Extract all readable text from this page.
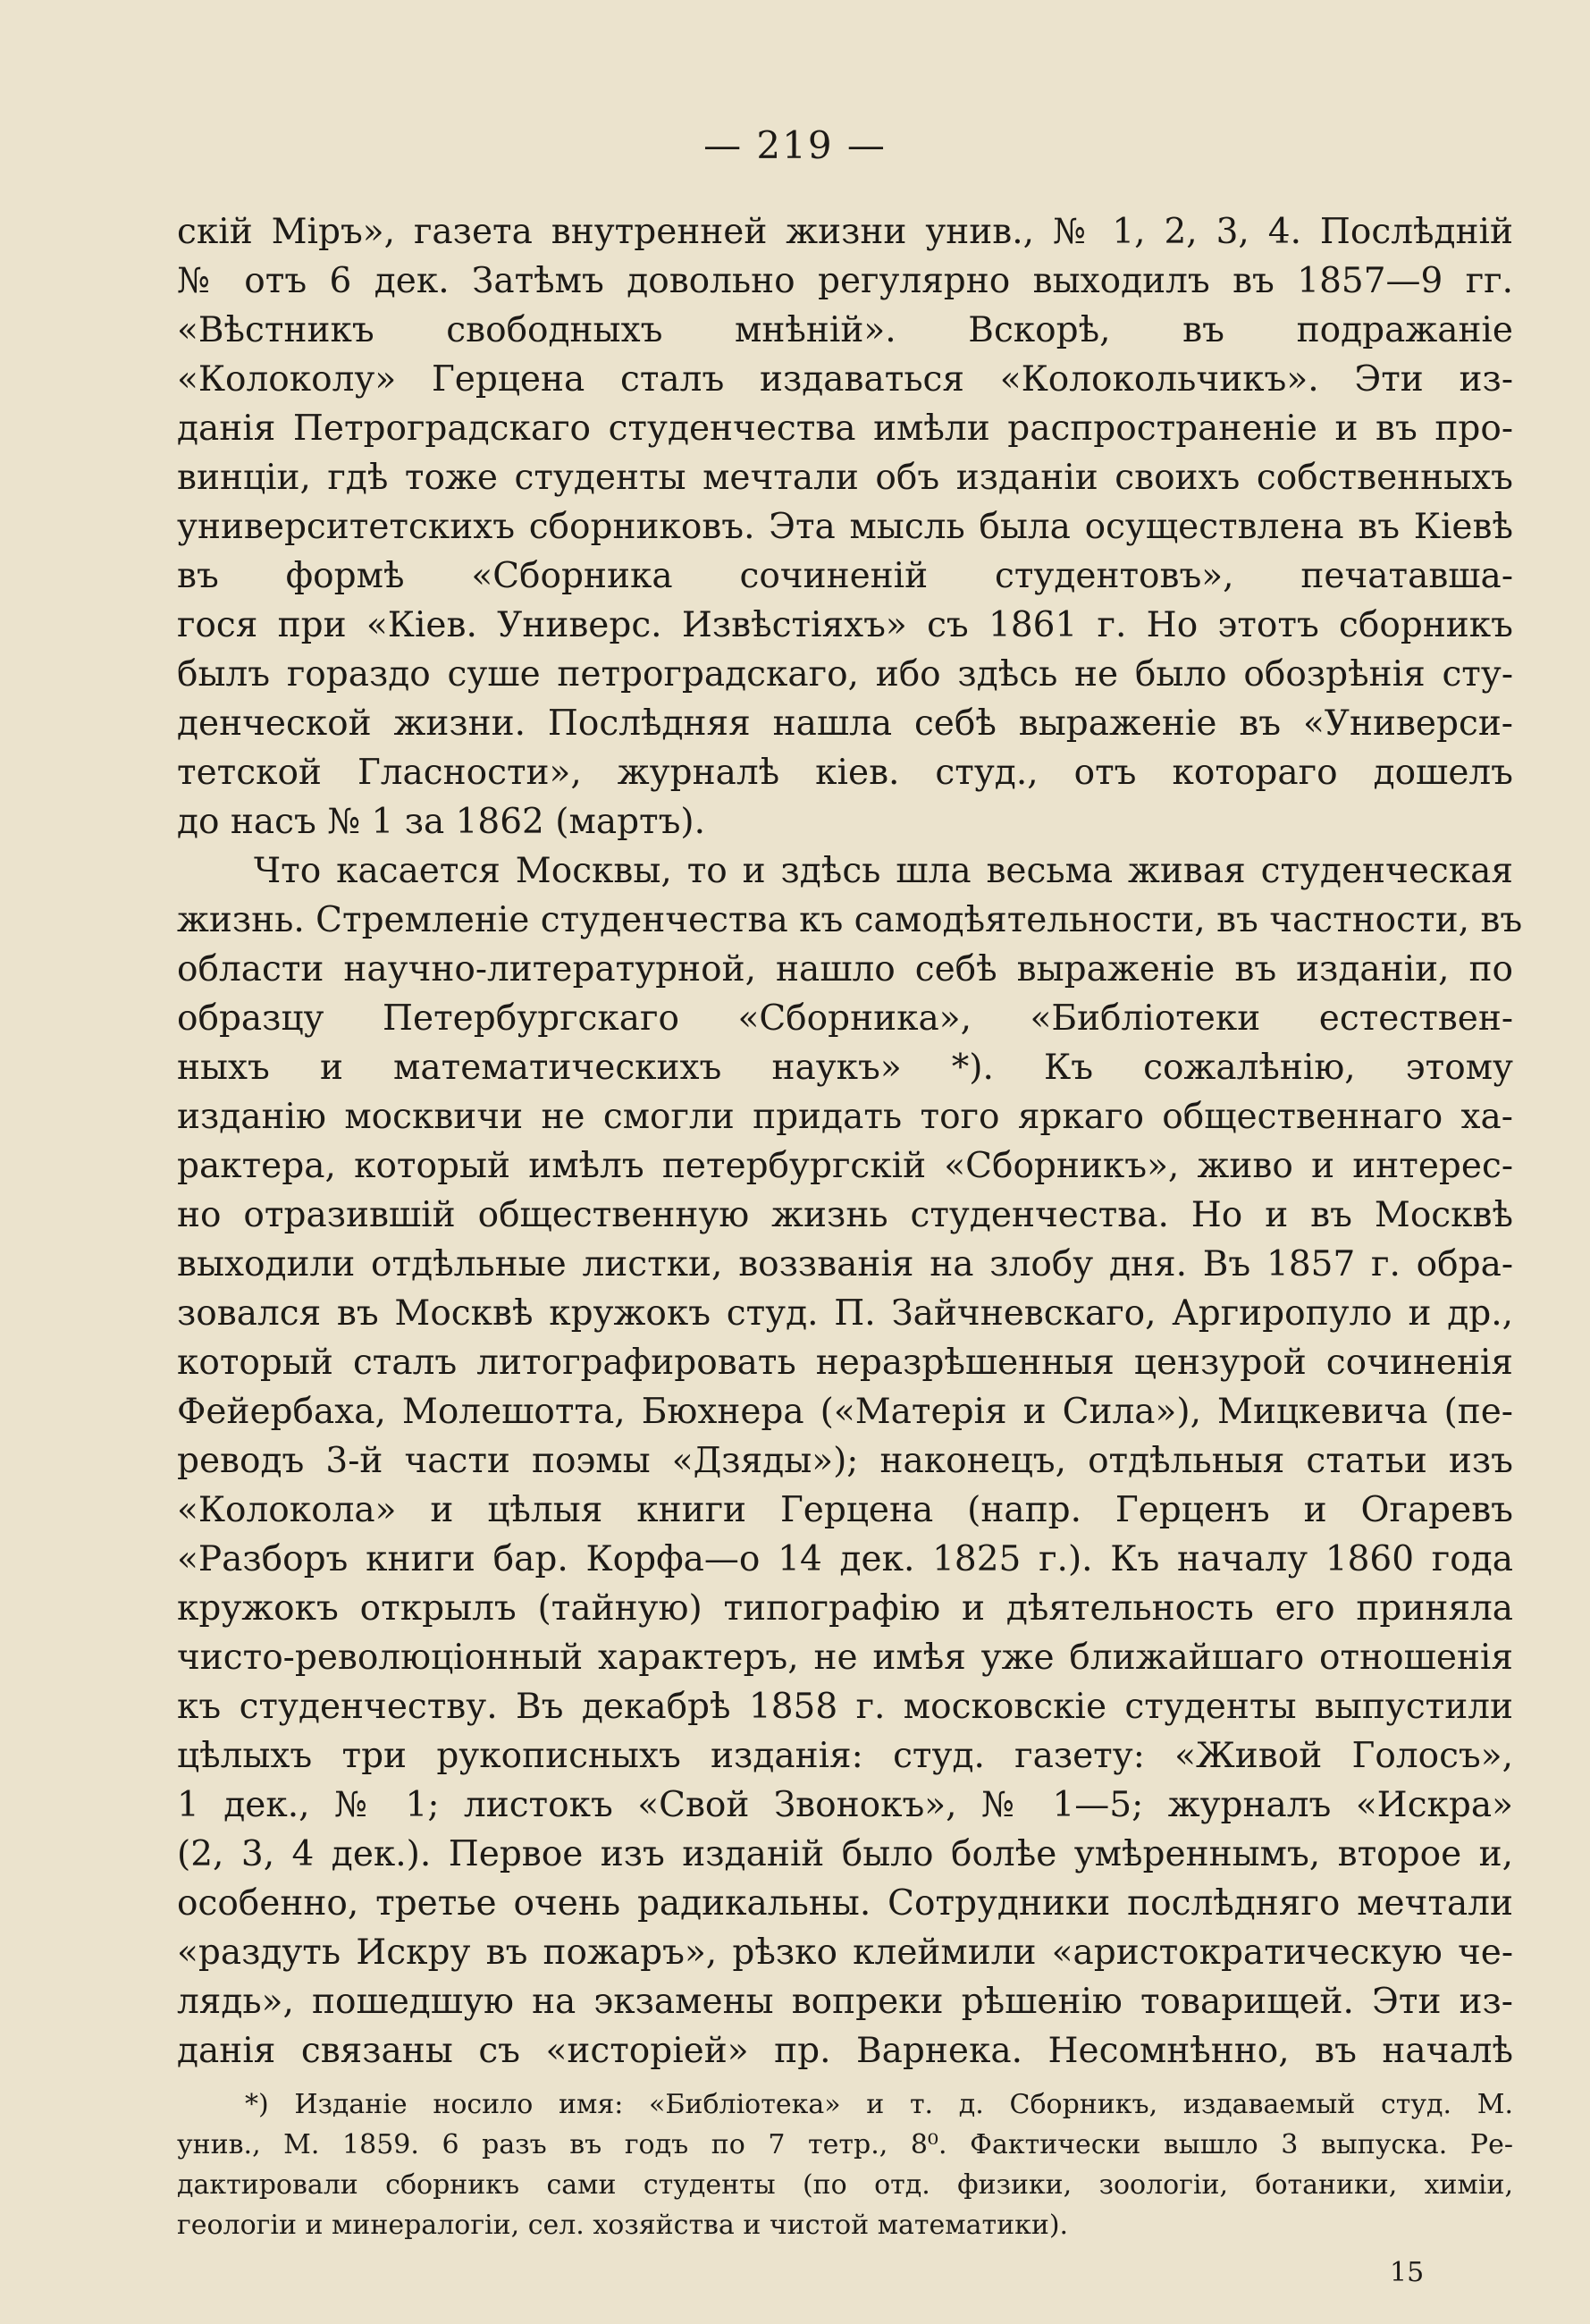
— 219 —
скій Міръ», газета внутренней жизни унив., № 1, 2, 3, 4. Послѣдній
№ отъ 6 дек. Затѣмъ довольно регулярно выходилъ въ 1857—9 гг.
«Вѣстникъ свободныхъ мнѣній». Вскорѣ, въ подражаніе
«Колоколу» Герцена сталъ издаваться «Колокольчикъ». Эти из-
данія Петроградскаго студенчества имѣли распространеніе и въ про-
винціи, гдѣ тоже студенты мечтали объ изданіи своихъ собственныхъ
университетскихъ сборниковъ. Эта мысль была осуществлена въ Кіевѣ
въ формѣ «Сборника сочиненій студентовъ», печатавша-
гося при «Кіев. Универс. Извѣстіяхъ» съ 1861 г. Но этотъ сборникъ
былъ гораздо суше петроградскаго, ибо здѣсь не было обозрѣнія сту-
денческой жизни. Послѣдняя нашла себѣ выраженіе въ «Универси-
тетской Гласности», журналѣ кіев. студ., отъ котораго дошелъ
до насъ № 1 за 1862 (мартъ).
Что касается Москвы, то и здѣсь шла весьма живая студенческая
жизнь. Стремленіе студенчества къ самодѣятельности, въ частности, въ
области научно-литературной, нашло себѣ выраженіе въ изданіи, по
образцу Петербургскаго «Сборника», «Библіотеки естествен-
ныхъ и математическихъ наукъ» *). Къ сожалѣнію, этому
изданію москвичи не смогли придать того яркаго общественнаго ха-
рактера, который имѣлъ петербургскій «Сборникъ», живо и интерес-
но отразившій общественную жизнь студенчества. Но и въ Москвѣ
выходили отдѣльные листки, воззванія на злобу дня. Въ 1857 г. обра-
зовался въ Москвѣ кружокъ студ. П. Зайчневскаго, Аргиропуло и др.,
который сталъ литографировать неразрѣшенныя цензурой сочиненія
Фейербаха, Молешотта, Бюхнера («Матерія и Сила»), Мицкевича (пе-
реводъ 3-й части поэмы «Дзяды»); наконецъ, отдѣльныя статьи изъ
«Колокола» и цѣлыя книги Герцена (напр. Герценъ и Огаревъ
«Разборъ книги бар. Корфа—о 14 дек. 1825 г.). Къ началу 1860 года
кружокъ открылъ (тайную) типографію и дѣятельность его приняла
чисто-революціонный характеръ, не имѣя уже ближайшаго отношенія
къ студенчеству. Въ декабрѣ 1858 г. московскіе студенты выпустили
цѣлыхъ три рукописныхъ изданія: студ. газету: «Живой Голосъ»,
1 дек., № 1; листокъ «Свой Звонокъ», № 1—5; журналъ «Искра»
(2, 3, 4 дек.). Первое изъ изданій было болѣе умѣреннымъ, второе и,
особенно, третье очень радикальны. Сотрудники послѣдняго мечтали
«раздуть Искру въ пожаръ», рѣзко клеймили «аристократическую че-
лядь», пошедшую на экзамены вопреки рѣшенію товарищей. Эти из-
данія связаны съ «исторіей» пр. Варнека. Несомнѣнно, въ началѣ
*) Изданіе носило имя: «Библіотека» и т. д. Сборникъ, издаваемый студ. М.
унив., М. 1859. 6 разъ въ годъ по 7 тетр., 8⁰. Фактически вышло 3 выпуска. Ре-
дактировали сборникъ сами студенты (по отд. физики, зоологіи, ботаники, химіи,
геологіи и минералогіи, сел. хозяйства и чистой математики).
15
